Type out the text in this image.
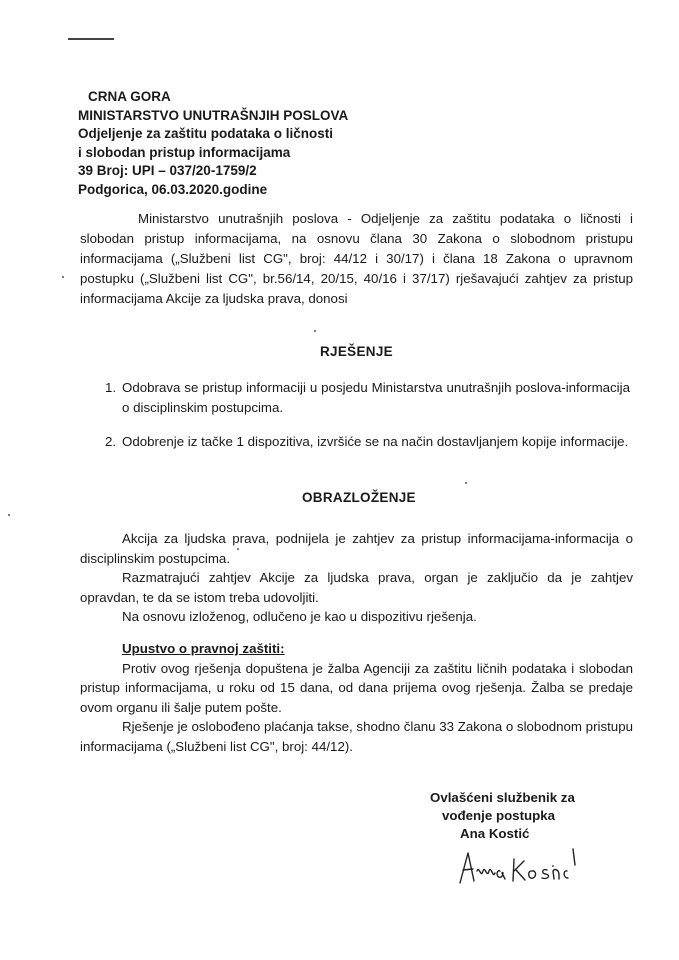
CRNA GORA
MINISTARSTVO UNUTRAŠNJIH POSLOVA
Odjeljenje za zaštitu podataka o ličnosti
i slobodan pristup informacijama
39 Broj: UPI – 037/20-1759/2
Podgorica, 06.03.2020.godine
Ministarstvo unutrašnjih poslova - Odjeljenje za zaštitu podataka o ličnosti i slobodan pristup informacijama, na osnovu člana 30 Zakona o slobodnom pristupu informacijama („Službeni list CG", broj: 44/12 i 30/17) i člana 18 Zakona o upravnom postupku („Službeni list CG", br.56/14, 20/15, 40/16 i 37/17) rješavajući zahtjev za pristup informacijama Akcije za ljudska prava, donosi
RJEŠENJE
1. Odobrava se pristup informaciji u posjedu Ministarstva unutrašnjih poslova-informacija o disciplinskim postupcima.
2. Odobrenje iz tačke 1 dispozitiva, izvršiće se na način dostavljanjem kopije informacije.
OBRAZLOŽENJE

Akcija za ljudska prava, podnijela je zahtjev za pristup informacijama-informacija o disciplinskim postupcima.

Razmatrajući zahtjev Akcije za ljudska prava, organ je zaključio da je zahtjev opravdan, te da se istom treba udovoljiti.

Na osnovu izloženog, odlučeno je kao u dispozitivu rješenja.

Upustvo o pravnoj zaštiti:

Protiv ovog rješenja dopuštena je žalba Agenciji za zaštitu ličnih podataka i slobodan pristup informacijama, u roku od 15 dana, od dana prijema ovog rješenja. Žalba se predaje ovom organu ili šalje putem pošte.

Rješenje je oslobođeno plaćanja takse, shodno članu 33 Zakona o slobodnom pristupu informacijama („Službeni list CG", broj: 44/12).

Ovlašćeni službenik za
vođenje postupka
Ana Kostić
